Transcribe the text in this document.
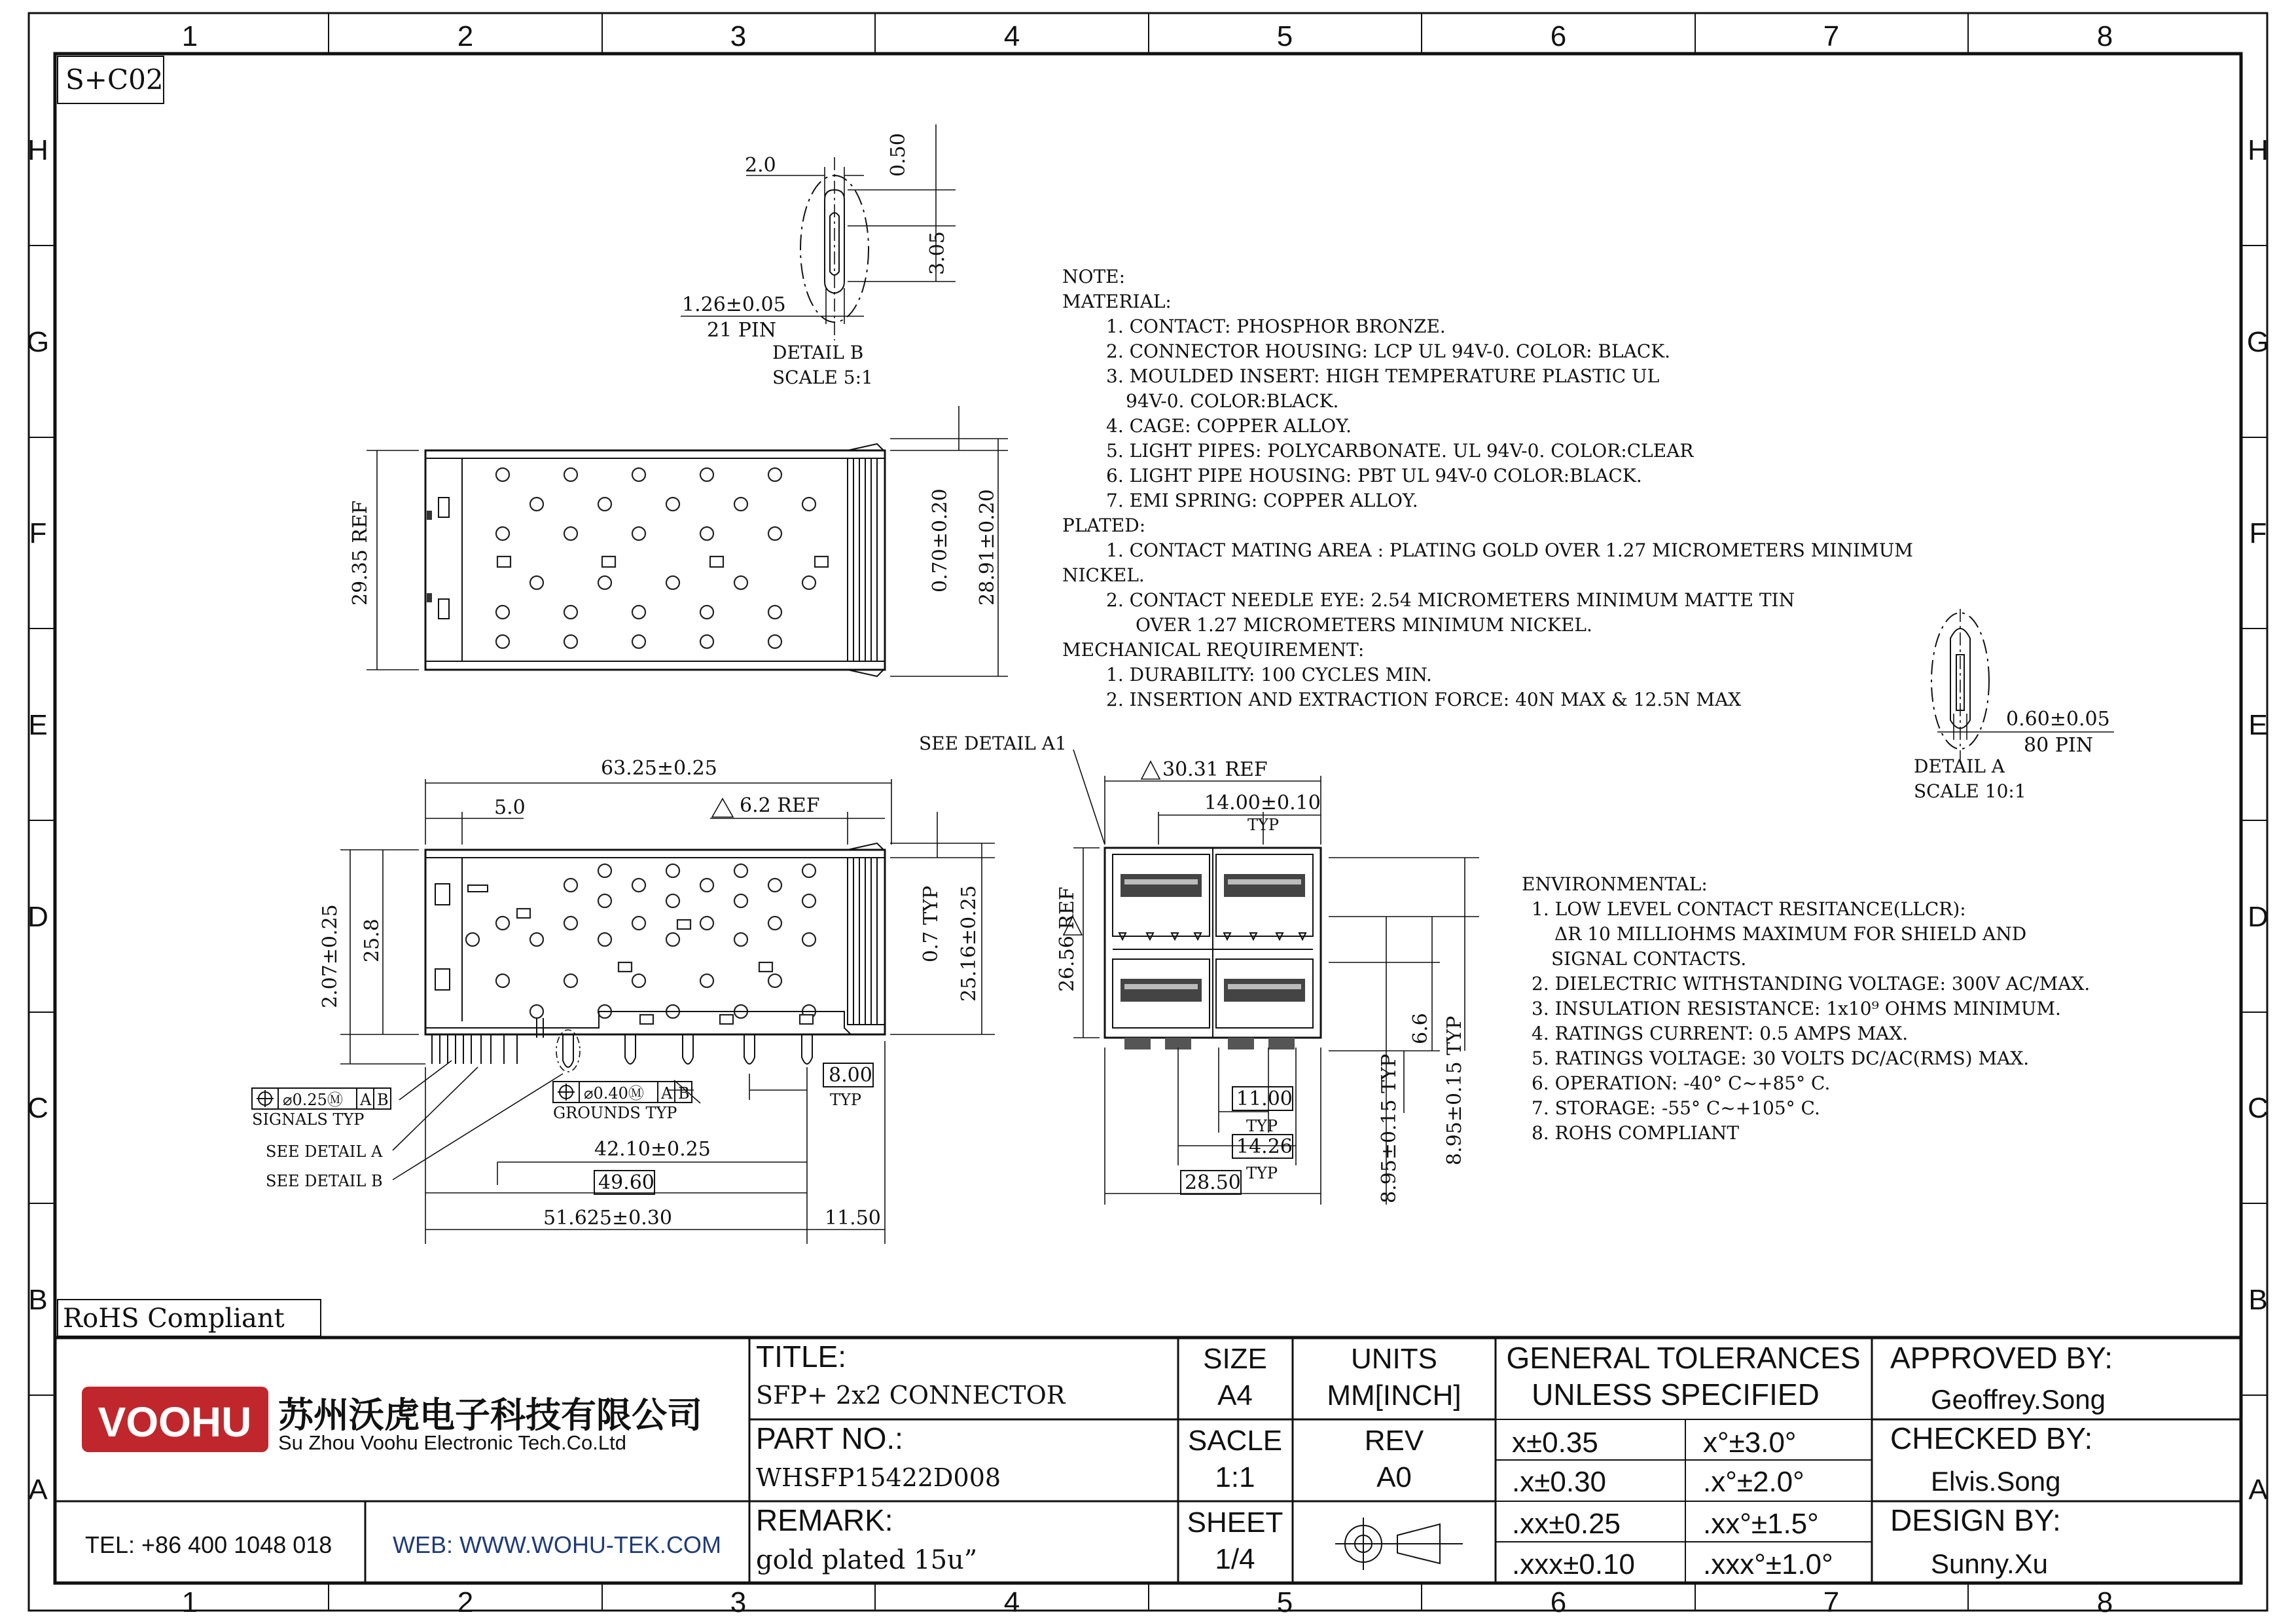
1	2	3	4	5	6	7	8
1	2	3	4	5	6	7	8
H
G
F
E
D
C
B
A
H
G
F
E
D
C
B
A
S+C02
RoHS Compliant
2.0	0.50
3.05
1.26±0.05
21 PIN
DETAIL B
SCALE 5:1
29.35 REF	0.70±0.20 28.91±0.20
NOTE:
MATERIAL:
1. CONTACT: PHOSPHOR BRONZE.
2. CONNECTOR HOUSING: LCP UL 94V-0. COLOR: BLACK.
3. MOULDED INSERT: HIGH TEMPERATURE PLASTIC UL
94V-0. COLOR:BLACK.
4. CAGE: COPPER ALLOY.
5. LIGHT PIPES: POLYCARBONATE. UL 94V-0. COLOR:CLEAR
6. LIGHT PIPE HOUSING: PBT UL 94V-0 COLOR:BLACK.
7. EMI SPRING: COPPER ALLOY.
PLATED:
1. CONTACT MATING AREA : PLATING GOLD OVER 1.27 MICROMETERS MINIMUM
NICKEL.
2. CONTACT NEEDLE EYE: 2.54 MICROMETERS MINIMUM MATTE TIN
OVER 1.27 MICROMETERS MINIMUM NICKEL.
MECHANICAL REQUIREMENT:
1. DURABILITY: 100 CYCLES MIN.
2. INSERTION AND EXTRACTION FORCE: 40N MAX & 12.5N MAX
0.60±0.05
80 PIN
DETAIL A
SCALE 10:1
63.25±0.25
5.0	6.2 REF
2.07±0.25 25.8	0.7 TYP 25.16±0.25
⌀0.25Ⓜ A B
SIGNALS TYP
⌀0.40Ⓜ A B
GROUNDS TYP
8.00
TYP
42.10±0.25
49.60
51.625±0.30	11.50
SEE DETAIL A
SEE DETAIL B
SEE DETAIL A1
30.31 REF
14.00±0.10
TYP
26.56 REF
11.00
TYP
14.26
TYP
28.50
6.6
8.95±0.15 TYP 8.95±0.15 TYP
ENVIRONMENTAL:
1. LOW LEVEL CONTACT RESITANCE(LLCR):
ΔR 10 MILLIOHMS MAXIMUM FOR SHIELD AND
SIGNAL CONTACTS.
2. DIELECTRIC WITHSTANDING VOLTAGE: 300V AC/MAX.
3. INSULATION RESISTANCE: 1x10⁹ OHMS MINIMUM.
4. RATINGS CURRENT: 0.5 AMPS MAX.
5. RATINGS VOLTAGE: 30 VOLTS DC/AC(RMS) MAX.
6. OPERATION: -40° C~+85° C.
7. STORAGE: -55° C~+105° C.
8. ROHS COMPLIANT
VOOHU 苏州沃虎电子科技有限公司
Su Zhou Voohu Electronic Tech.Co.Ltd
TEL: +86 400 1048 018	WEB: WWW.WOHU-TEK.COM
TITLE:
SFP+ 2x2 CONNECTOR
PART NO.:
WHSFP15422D008
REMARK:
gold plated 15u”
SIZE
A4
UNITS
MM[INCH]
SACLE
1:1
REV
A0
SHEET
1/4
GENERAL TOLERANCES
UNLESS SPECIFIED
x±0.35	x°±3.0°
.x±0.30	.x°±2.0°
.xx±0.25	.xx°±1.5°
.xxx±0.10 .xxx°±1.0°
APPROVED BY:
Geoffrey.Song
CHECKED BY:
Elvis.Song
DESIGN BY:
Sunny.Xu
